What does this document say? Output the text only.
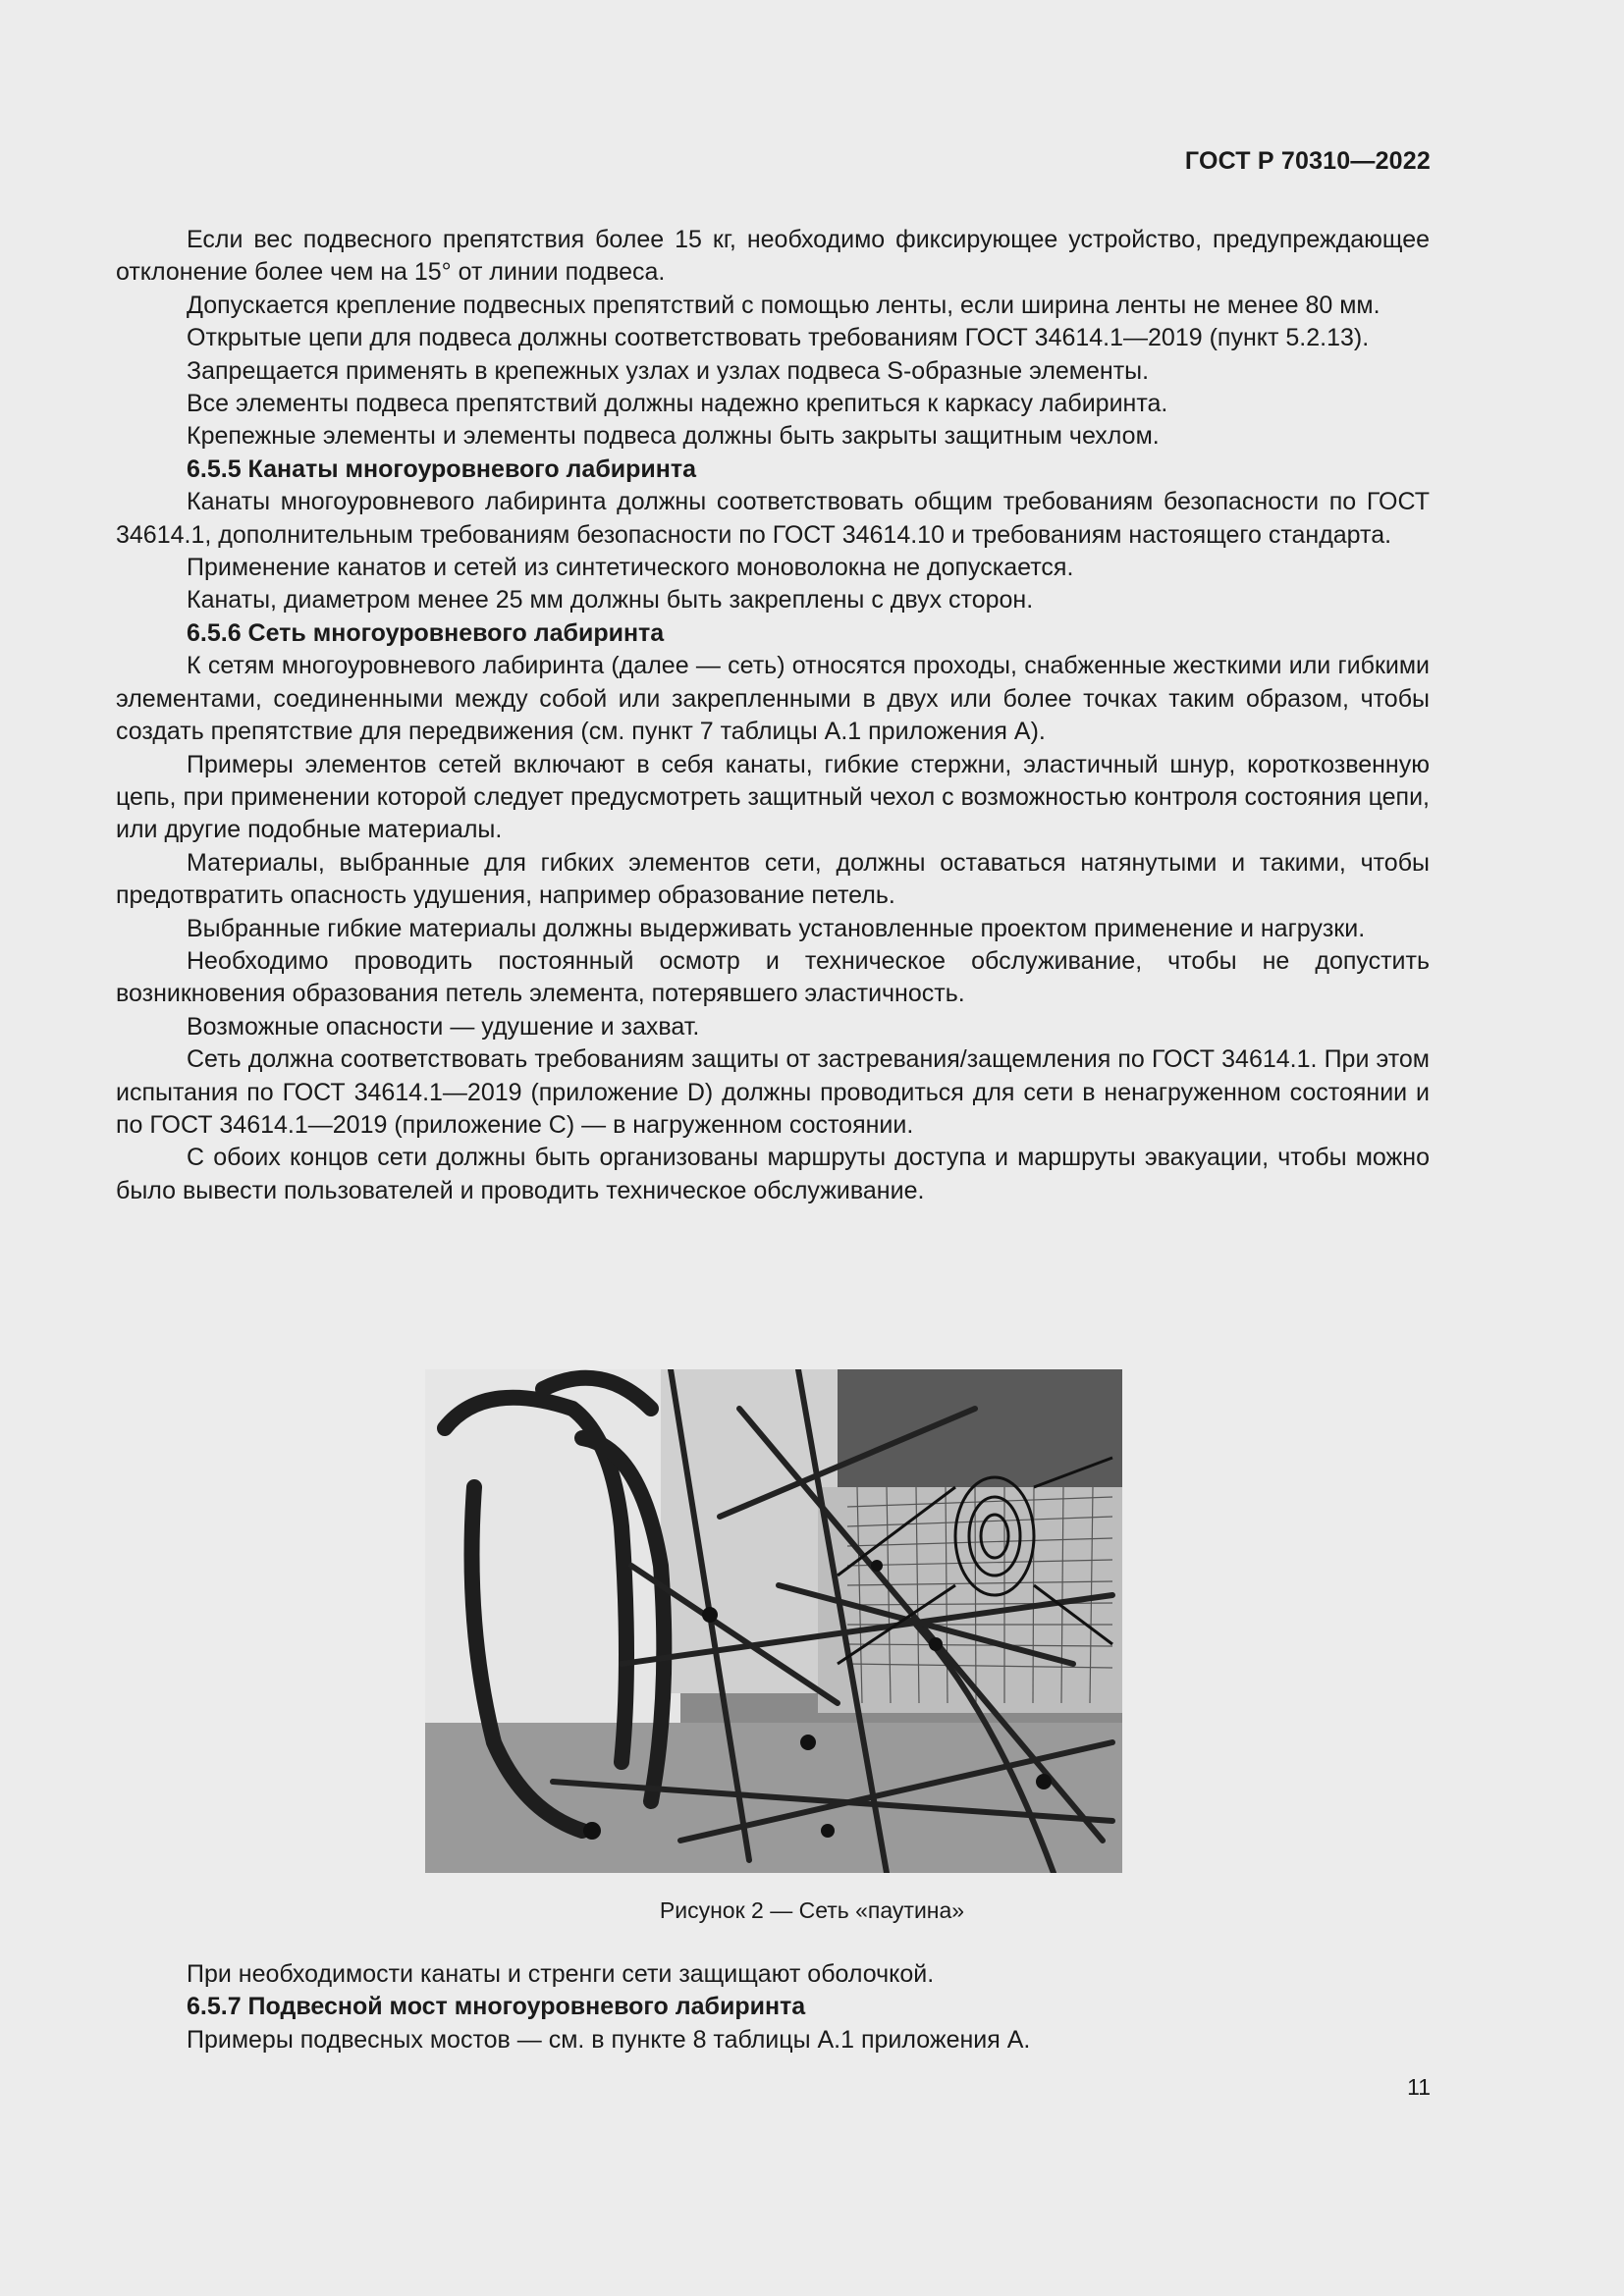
ГОСТ Р 70310—2022

Если вес подвесного препятствия более 15 кг, необходимо фиксирующее устройство, предупреждающее отклонение более чем на 15° от линии подвеса.

Допускается крепление подвесных препятствий с помощью ленты, если ширина ленты не менее 80 мм.

Открытые цепи для подвеса должны соответствовать требованиям ГОСТ 34614.1—2019 (пункт 5.2.13).

Запрещается применять в крепежных узлах и узлах подвеса S-образные элементы.

Все элементы подвеса препятствий должны надежно крепиться к каркасу лабиринта.

Крепежные элементы и элементы подвеса должны быть закрыты защитным чехлом.

6.5.5 Канаты многоуровневого лабиринта

Канаты многоуровневого лабиринта должны соответствовать общим требованиям безопасности по ГОСТ 34614.1, дополнительным требованиям безопасности по ГОСТ 34614.10 и требованиям настоящего стандарта.

Применение канатов и сетей из синтетического моноволокна не допускается.

Канаты, диаметром менее 25 мм должны быть закреплены с двух сторон.

6.5.6 Сеть многоуровневого лабиринта

К сетям многоуровневого лабиринта (далее — сеть) относятся проходы, снабженные жесткими или гибкими элементами, соединенными между собой или закрепленными в двух или более точках таким образом, чтобы создать препятствие для передвижения (см. пункт 7 таблицы А.1 приложения А).

Примеры элементов сетей включают в себя канаты, гибкие стержни, эластичный шнур, короткозвенную цепь, при применении которой следует предусмотреть защитный чехол с возможностью контроля состояния цепи, или другие подобные материалы.

Материалы, выбранные для гибких элементов сети, должны оставаться натянутыми и такими, чтобы предотвратить опасность удушения, например образование петель.

Выбранные гибкие материалы должны выдерживать установленные проектом применение и нагрузки.

Необходимо проводить постоянный осмотр и техническое обслуживание, чтобы не допустить возникновения образования петель элемента, потерявшего эластичность.

Возможные опасности — удушение и захват.

Сеть должна соответствовать требованиям защиты от застревания/защемления по ГОСТ 34614.1. При этом испытания по ГОСТ 34614.1—2019 (приложение D) должны проводиться для сети в ненагруженном состоянии и по ГОСТ 34614.1—2019 (приложение С) — в нагруженном состоянии.

С обоих концов сети должны быть организованы маршруты доступа и маршруты эвакуации, чтобы можно было вывести пользователей и проводить техническое обслуживание.

Рисунок 2 — Сеть «паутина»

При необходимости канаты и стренги сети защищают оболочкой.

6.5.7 Подвесной мост многоуровневого лабиринта

Примеры подвесных мостов — см. в пункте 8 таблицы А.1 приложения А.

11
